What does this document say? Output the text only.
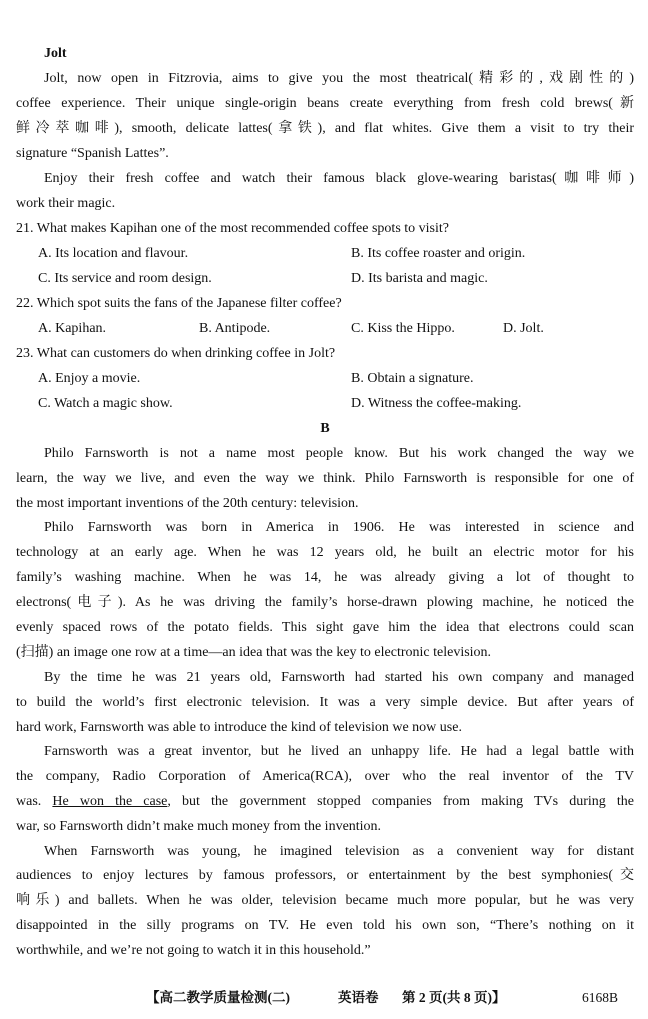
Jolt
Jolt, now open in Fitzrovia, aims to give you the most theatrical(精彩的,戏剧性的)
coffee experience. Their unique single-origin beans create everything from fresh cold brews(新
鲜冷萃咖啡), smooth, delicate lattes(拿铁), and flat whites. Give them a visit to try their
signature “Spanish Lattes”.
Enjoy their fresh coffee and watch their famous black glove-wearing baristas(咖啡师)
work their magic.
21. What makes Kapihan one of the most recommended coffee spots to visit?
A. Its location and flavour.	B. Its coffee roaster and origin.
C. Its service and room design.	D. Its barista and magic.
22. Which spot suits the fans of the Japanese filter coffee?
A. Kapihan.	B. Antipode.	C. Kiss the Hippo.	D. Jolt.
23. What can customers do when drinking coffee in Jolt?
A. Enjoy a movie.	B. Obtain a signature.
C. Watch a magic show.	D. Witness the coffee-making.
B
Philo Farnsworth is not a name most people know. But his work changed the way we
learn, the way we live, and even the way we think. Philo Farnsworth is responsible for one of
the most important inventions of the 20th century: television.
Philo Farnsworth was born in America in 1906. He was interested in science and
technology at an early age. When he was 12 years old, he built an electric motor for his
family’s washing machine. When he was 14, he was already giving a lot of thought to
electrons(电子). As he was driving the family’s horse-drawn plowing machine, he noticed the
evenly spaced rows of the potato fields. This sight gave him the idea that electrons could scan
(扫描) an image one row at a time—an idea that was the key to electronic television.
By the time he was 21 years old, Farnsworth had started his own company and managed
to build the world’s first electronic television. It was a very simple device. But after years of
hard work, Farnsworth was able to introduce the kind of television we now use.
Farnsworth was a great inventor, but he lived an unhappy life. He had a legal battle with
the company, Radio Corporation of America(RCA), over who the real inventor of the TV
was. He won the case, but the government stopped companies from making TVs during the
war, so Farnsworth didn’t make much money from the invention.
When Farnsworth was young, he imagined television as a convenient way for distant
audiences to enjoy lectures by famous professors, or entertainment by the best symphonies(交
响乐) and ballets. When he was older, television became much more popular, but he was very
disappointed in the silly programs on TV. He even told his own son, “There’s nothing on it
worthwhile, and we’re not going to watch it in this household.”
【高二教学质量检测(二)	英语卷 第 2 页(共 8 页)】	6168B
